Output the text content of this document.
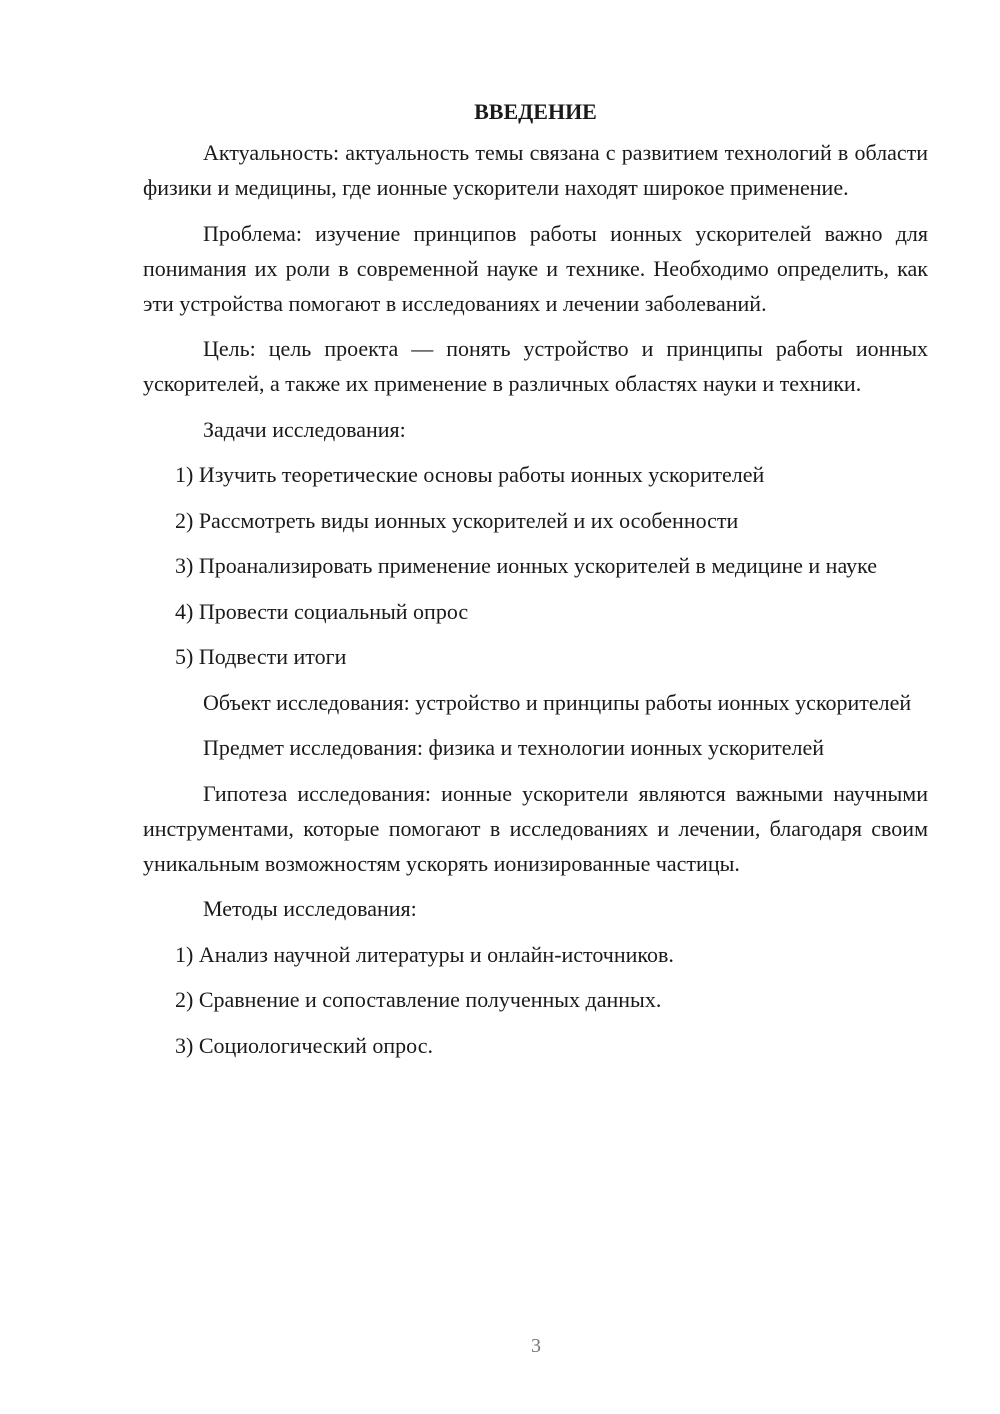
ВВЕДЕНИЕ

Актуальность: актуальность темы связана с развитием технологий в области физики и медицины, где ионные ускорители находят широкое применение.

Проблема: изучение принципов работы ионных ускорителей важно для понимания их роли в современной науке и технике. Необходимо определить, как эти устройства помогают в исследованиях и лечении заболеваний.

Цель: цель проекта — понять устройство и принципы работы ионных ускорителей, а также их применение в различных областях науки и техники.

Задачи исследования:

1) Изучить теоретические основы работы ионных ускорителей

2) Рассмотреть виды ионных ускорителей и их особенности

3) Проанализировать применение ионных ускорителей в медицине и науке

4) Провести социальный опрос

5) Подвести итоги

Объект исследования: устройство и принципы работы ионных ускорителей

Предмет исследования: физика и технологии ионных ускорителей

Гипотеза исследования: ионные ускорители являются важными научными инструментами, которые помогают в исследованиях и лечении, благодаря своим уникальным возможностям ускорять ионизированные частицы.

Методы исследования:

1) Анализ научной литературы и онлайн-источников.

2) Сравнение и сопоставление полученных данных.

3) Социологический опрос.

3
